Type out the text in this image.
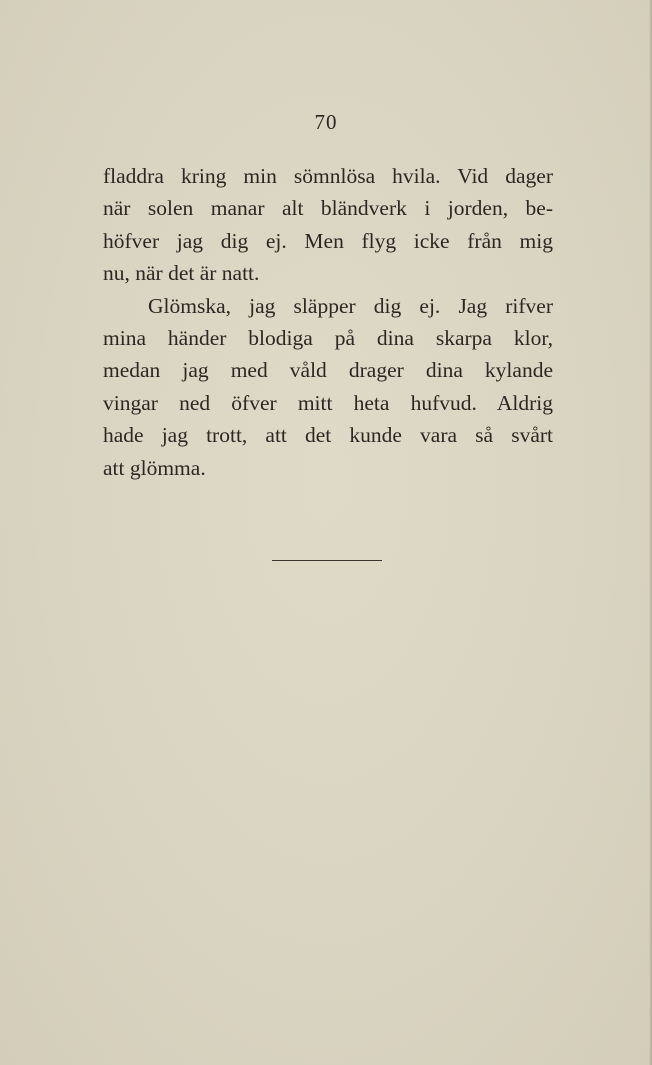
70
fladdra kring min sömnlösa hvila. Vid dager
när solen manar alt bländverk i jorden, be-
höfver jag dig ej. Men flyg icke från mig
nu, när det är natt.
Glömska, jag släpper dig ej. Jag rifver
mina händer blodiga på dina skarpa klor,
medan jag med våld drager dina kylande
vingar ned öfver mitt heta hufvud. Aldrig
hade jag trott, att det kunde vara så svårt
att glömma.
